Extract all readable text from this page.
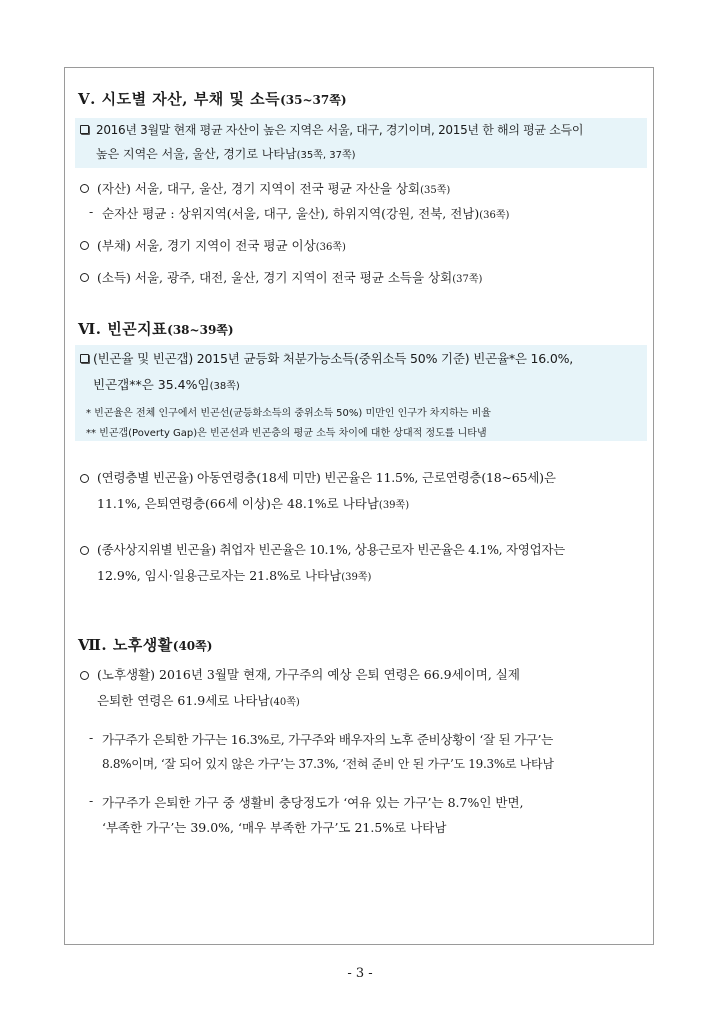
Ⅴ. 시도별 자산, 부채 및 소득(35~37쪽)
2016년 3월말 현재 평균 자산이 높은 지역은 서울, 대구, 경기이며, 2015년 한 해의 평균 소득이
높은 지역은 서울, 울산, 경기로 나타남(35쪽, 37쪽)
(자산) 서울, 대구, 울산, 경기 지역이 전국 평균 자산을 상회(35쪽)
- 순자산 평균 : 상위지역(서울, 대구, 울산), 하위지역(강원, 전북, 전남)(36쪽)
(부채) 서울, 경기 지역이 전국 평균 이상(36쪽)
(소득) 서울, 광주, 대전, 울산, 경기 지역이 전국 평균 소득을 상회(37쪽)
Ⅵ. 빈곤지표(38~39쪽)
(빈곤율 및 빈곤갭) 2015년 균등화 처분가능소득(중위소득 50% 기준) 빈곤율*은 16.0%,
빈곤갭**은 35.4%임(38쪽)
* 빈곤율은 전체 인구에서 빈곤선(균등화소득의 중위소득 50%) 미만인 인구가 차지하는 비율
** 빈곤갭(Poverty Gap)은 빈곤선과 빈곤층의 평균 소득 차이에 대한 상대적 정도를 니타냄
(연령층별 빈곤율) 아동연령층(18세 미만) 빈곤율은 11.5%, 근로연령층(18~65세)은
11.1%, 은퇴연령층(66세 이상)은 48.1%로 나타남(39쪽)
(종사상지위별 빈곤율) 취업자 빈곤율은 10.1%, 상용근로자 빈곤율은 4.1%, 자영업자는
12.9%, 임시·일용근로자는 21.8%로 나타남(39쪽)
Ⅶ. 노후생활(40쪽)
(노후생활) 2016년 3월말 현재, 가구주의 예상 은퇴 연령은 66.9세이며, 실제
은퇴한 연령은 61.9세로 나타남(40쪽)
- 가구주가 은퇴한 가구는 16.3%로, 가구주와 배우자의 노후 준비상황이 ‘잘 된 가구’는
8.8%이며, ‘잘 되어 있지 않은 가구’는 37.3%, ‘전혀 준비 안 된 가구’도 19.3%로 나타남
- 가구주가 은퇴한 가구 중 생활비 충당정도가 ‘여유 있는 가구’는 8.7%인 반면,
‘부족한 가구’는 39.0%, ‘매우 부족한 가구’도 21.5%로 나타남
- 3 -
